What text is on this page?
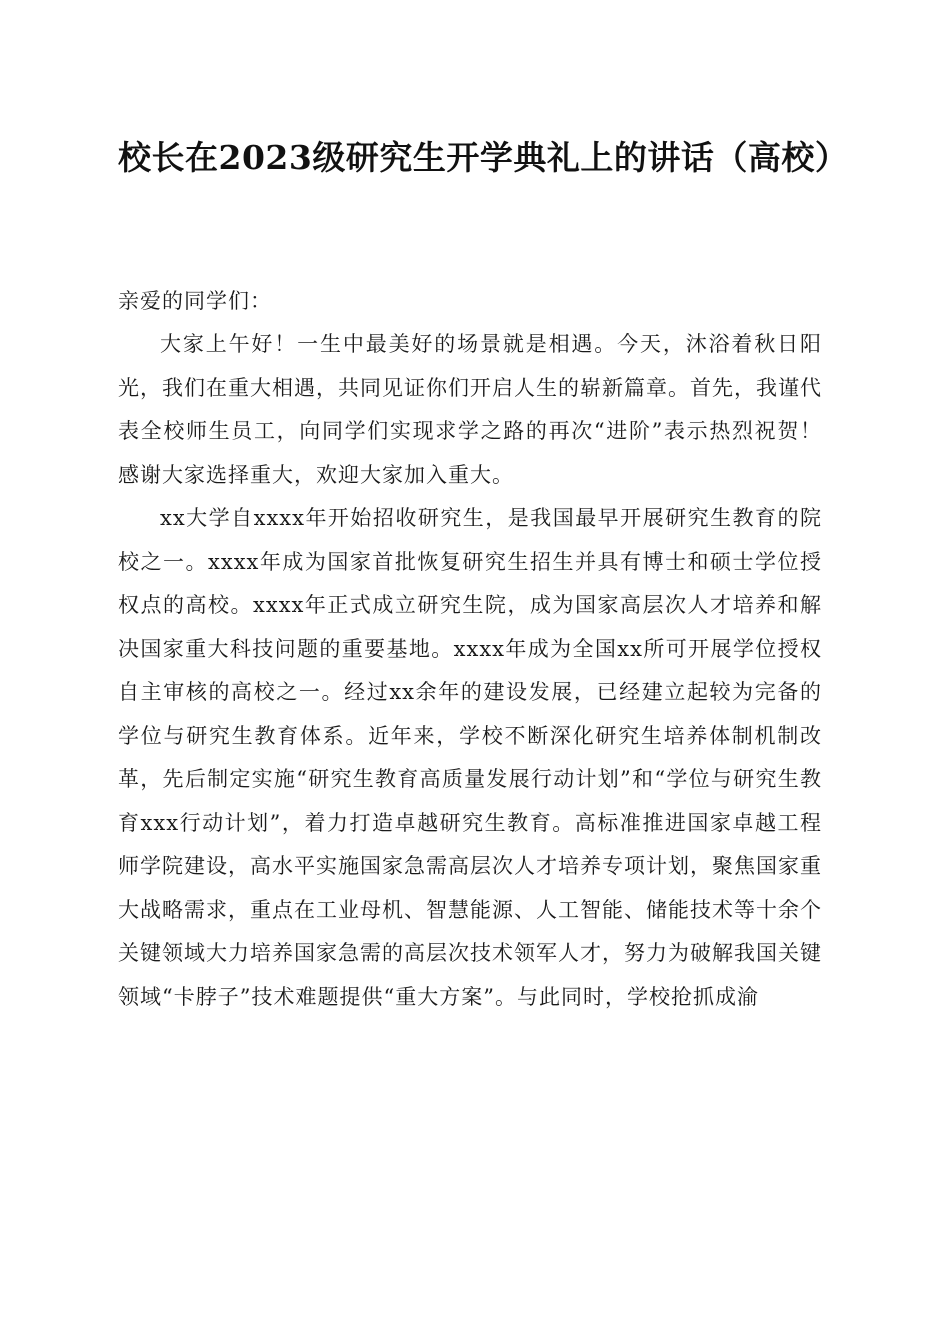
校长在2023级研究生开学典礼上的讲话（高校）

亲爱的同学们：

大家上午好！一生中最美好的场景就是相遇。今天，沐浴着秋日阳光，我们在重大相遇，共同见证你们开启人生的崭新篇章。首先，我谨代表全校师生员工，向同学们实现求学之路的再次“进阶”表示热烈祝贺！感谢大家选择重大，欢迎大家加入重大。

xx大学自xxxx年开始招收研究生，是我国最早开展研究生教育的院校之一。xxxx年成为国家首批恢复研究生招生并具有博士和硕士学位授权点的高校。xxxx年正式成立研究生院，成为国家高层次人才培养和解决国家重大科技问题的重要基地。xxxx年成为全国xx所可开展学位授权自主审核的高校之一。经过xx余年的建设发展，已经建立起较为完备的学位与研究生教育体系。近年来，学校不断深化研究生培养体制机制改革，先后制定实施“研究生教育高质量发展行动计划”和“学位与研究生教育xxx行动计划”，着力打造卓越研究生教育。高标准推进国家卓越工程师学院建设，高水平实施国家急需高层次人才培养专项计划，聚焦国家重大战略需求，重点在工业母机、智慧能源、人工智能、储能技术等十余个关键领域大力培养国家急需的高层次技术领军人才，努力为破解我国关键领域“卡脖子”技术难题提供“重大方案”。与此同时，学校抢抓成渝
